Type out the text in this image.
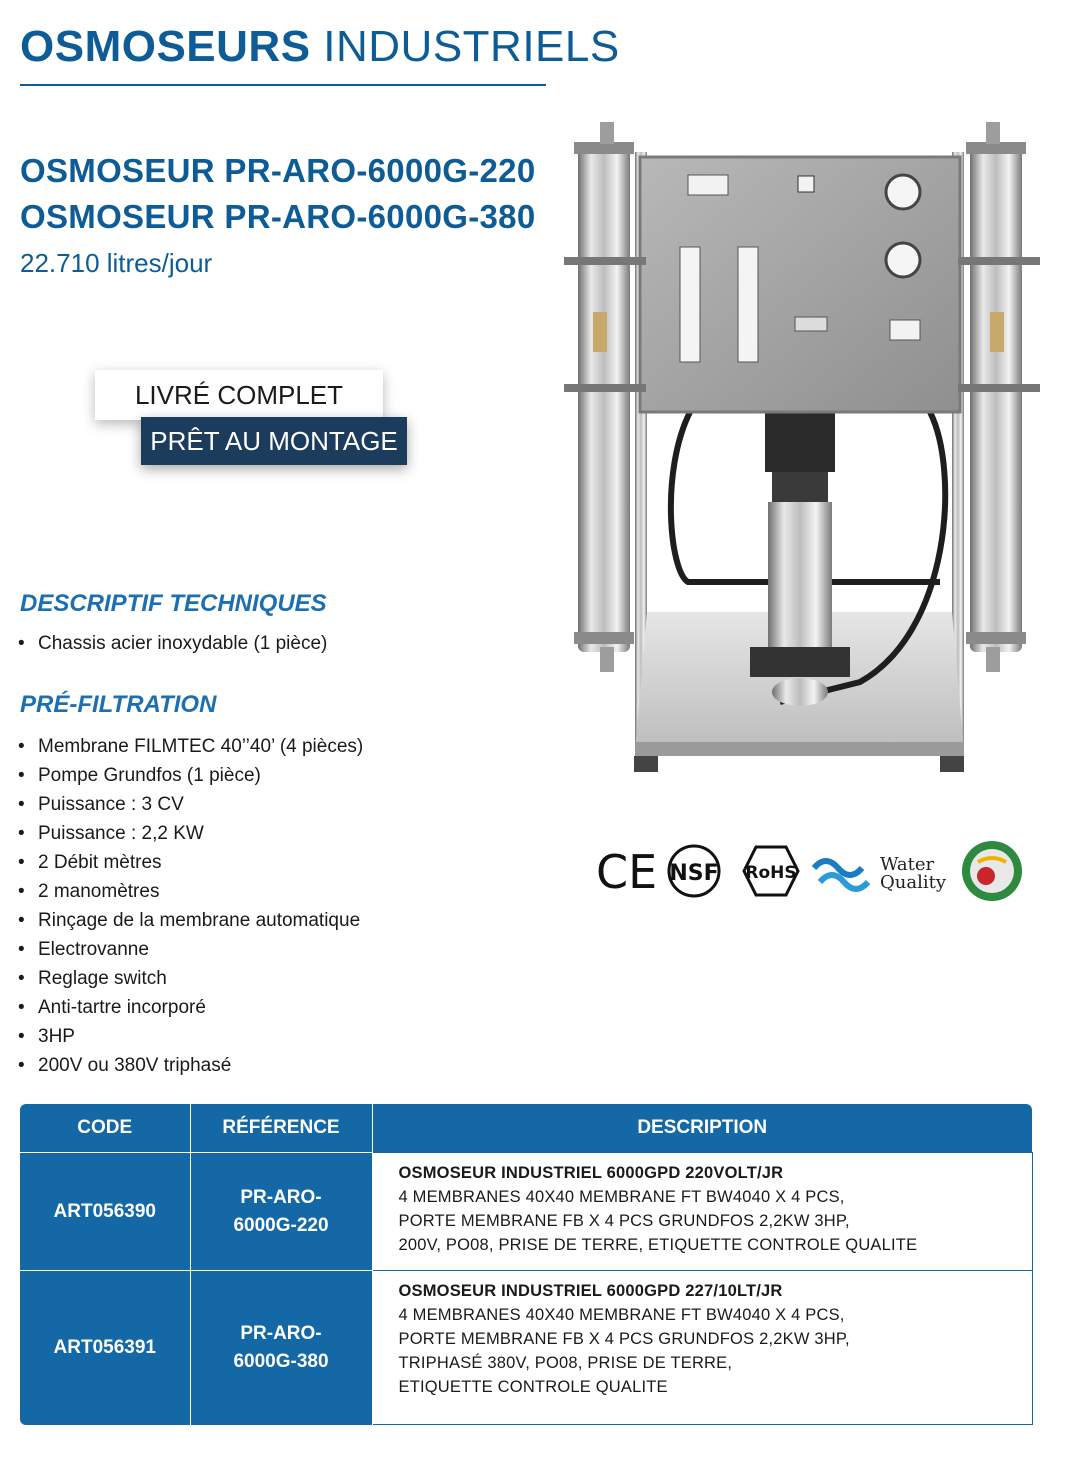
OSMOSEURS INDUSTRIELS
OSMOSEUR PR-ARO-6000G-220
OSMOSEUR PR-ARO-6000G-380
22.710 litres/jour
LIVRÉ COMPLET
PRÊT AU MONTAGE
DESCRIPTIF TECHNIQUES
• Chassis acier inoxydable (1 pièce)
PRÉ-FILTRATION
• Membrane FILMTEC 40’’40’ (4 pièces)
• Pompe Grundfos (1 pièce)
• Puissance : 3 CV
• Puissance : 2,2 KW
• 2 Débit mètres
• 2 manomètres
• Rinçage de la membrane automatique
• Electrovanne
• Reglage switch
• Anti-tartre incorporé
• 3HP
• 200V ou 380V triphasé
CE NSF RoHS	Water
Quality
CODE	RÉFÉRENCE	DESCRIPTION
ART056390	PR-ARO-
6000G-220	OSMOSEUR INDUSTRIEL 6000GPD 220VOLT/JR
4 MEMBRANES 40X40 MEMBRANE FT BW4040 X 4 PCS,
PORTE MEMBRANE FB X 4 PCS GRUNDFOS 2,2KW 3HP,
200V, PO08, PRISE DE TERRE, ETIQUETTE CONTROLE QUALITE

ART056391	PR-ARO-
6000G-380	OSMOSEUR INDUSTRIEL 6000GPD 227/10LT/JR
4 MEMBRANES 40X40 MEMBRANE FT BW4040 X 4 PCS,
PORTE MEMBRANE FB X 4 PCS GRUNDFOS 2,2KW 3HP,
TRIPHASÉ 380V, PO08, PRISE DE TERRE,
ETIQUETTE CONTROLE QUALITE
